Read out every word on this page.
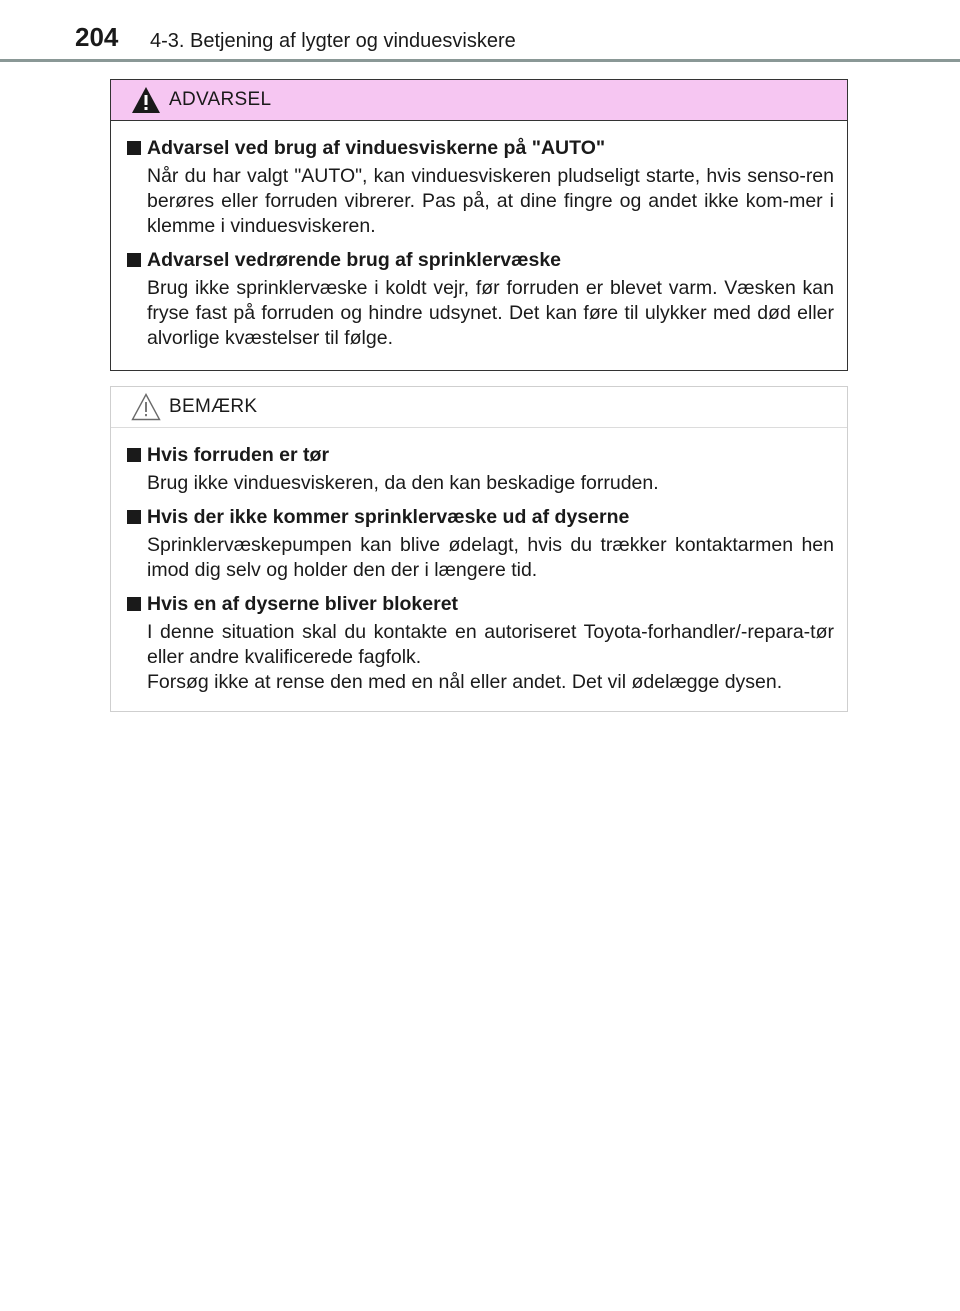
204 4-3. Betjening af lygter og vinduesviskere
ADVARSEL
Advarsel ved brug af vinduesviskerne på "AUTO"
Når du har valgt "AUTO", kan vinduesviskeren pludseligt starte, hvis senso-ren berøres eller forruden vibrerer. Pas på, at dine fingre og andet ikke kom-mer i klemme i vinduesviskeren.
Advarsel vedrørende brug af sprinklervæske
Brug ikke sprinklervæske i koldt vejr, før forruden er blevet varm. Væsken kan fryse fast på forruden og hindre udsynet. Det kan føre til ulykker med død eller alvorlige kvæstelser til følge.
BEMÆRK
Hvis forruden er tør
Brug ikke vinduesviskeren, da den kan beskadige forruden.
Hvis der ikke kommer sprinklervæske ud af dyserne
Sprinklervæskepumpen kan blive ødelagt, hvis du trækker kontaktarmen hen imod dig selv og holder den der i længere tid.
Hvis en af dyserne bliver blokeret

I denne situation skal du kontakte en autoriseret Toyota-forhandler/-repara-tør eller andre kvalificerede fagfolk.

Forsøg ikke at rense den med en nål eller andet. Det vil ødelægge dysen.
